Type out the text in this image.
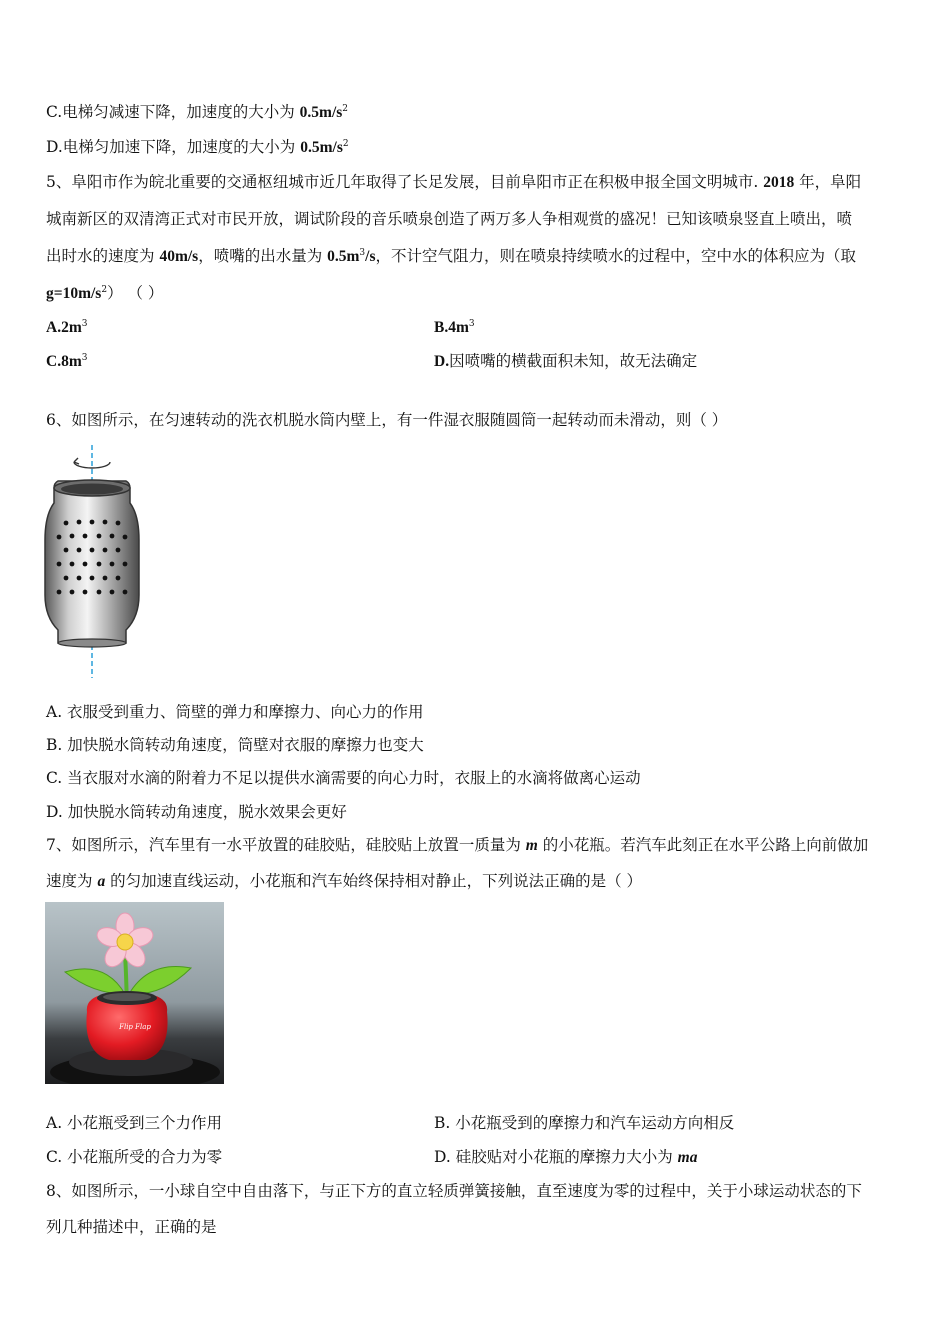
C.电梯匀减速下降，加速度的大小为 $0.5m/s^2$
D.电梯匀加速下降，加速度的大小为 $0.5m/s^2$
5、阜阳市作为皖北重要的交通枢纽城市近几年取得了长足发展，目前阜阳市正在积极申报全国文明城市. 2018 年，阜阳
城南新区的双清湾正式对市民开放，调试阶段的音乐喷泉创造了两万多人争相观赏的盛况！已知该喷泉竖直上喷出，喷
出时水的速度为 40m/s，喷嘴的出水量为 $0.5m^3/s$，不计空气阻力，则在喷泉持续喷水的过程中，空中水的体积应为（取
$g=10m/s^2$） （ ）
$A.2m^3$	$B.4m^3$
$C.8m^3$	D.因喷嘴的横截面积未知，故无法确定
6、如图所示，在匀速转动的洗衣机脱水筒内壁上，有一件湿衣服随圆筒一起转动而未滑动，则（ ）
A. 衣服受到重力、筒壁的弹力和摩擦力、向心力的作用
B. 加快脱水筒转动角速度，筒壁对衣服的摩擦力也变大
C. 当衣服对水滴的附着力不足以提供水滴需要的向心力时，衣服上的水滴将做离心运动
D. 加快脱水筒转动角速度，脱水效果会更好
7、如图所示，汽车里有一水平放置的硅胶贴，硅胶贴上放置一质量为 m 的小花瓶。若汽车此刻正在水平公路上向前做加
速度为 a 的匀加速直线运动，小花瓶和汽车始终保持相对静止，下列说法正确的是（ ）
Flip Flap
A. 小花瓶受到三个力作用	B. 小花瓶受到的摩擦力和汽车运动方向相反
C. 小花瓶所受的合力为零	D. 硅胶贴对小花瓶的摩擦力大小为 ma
8、如图所示，一小球自空中自由落下，与正下方的直立轻质弹簧接触，直至速度为零的过程中，关于小球运动状态的下
列几种描述中，正确的是
